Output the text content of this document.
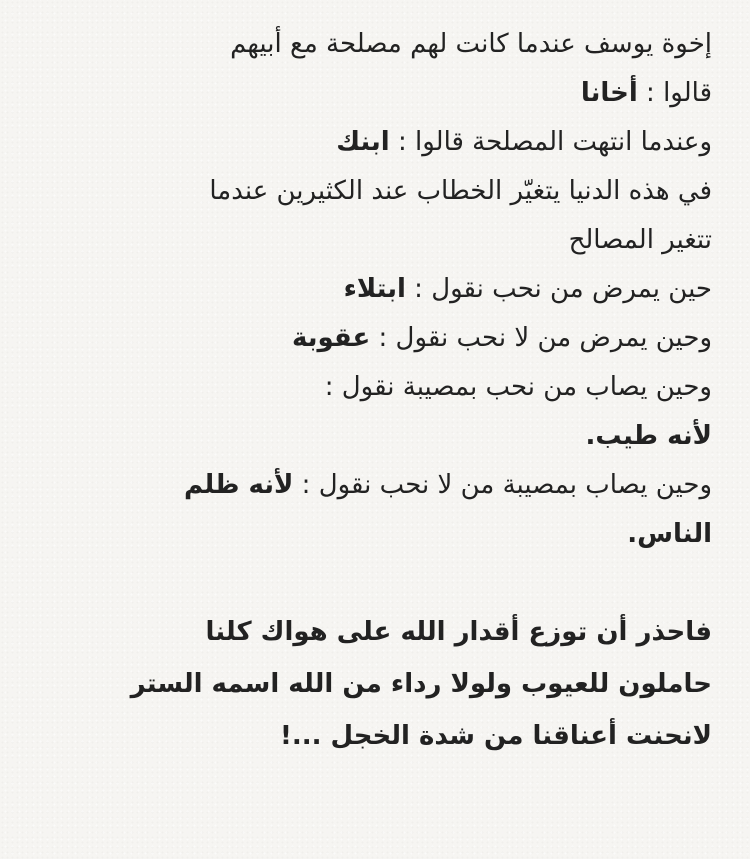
إخوة يوسف عندما كانت لهم مصلحة مع أبيهم
قالوا : أخانا
وعندما انتهت المصلحة قالوا : ابنك
في هذه الدنيا يتغيّر الخطاب عند الكثيرين عندما
تتغير المصالح
حين يمرض من نحب نقول : ابتلاء
وحين يمرض من لا نحب نقول : عقوبة
وحين يصاب من نحب بمصيبة نقول :
لأنه طيب.
وحين يصاب بمصيبة من لا نحب نقول : لأنه ظلم
الناس.
فاحذر أن توزع أقدار الله على هواك كلنا
حاملون للعيوب ولولا رداء من الله اسمه الستر
لانحنت أعناقنا من شدة الخجل ...!
